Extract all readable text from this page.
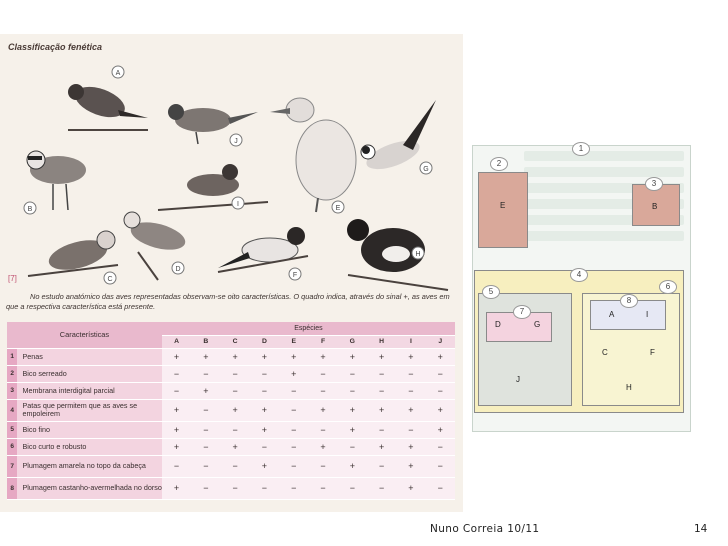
Classificação fenética
A
J
G
B
I
E
H
C
D
F
[7]
No estudo anatómico das aves representadas observam-se oito características. O quadro indica, através do sinal +, as aves em que a respectiva característica está presente.
Características		Espécies									
		A	B	C	D	E	F	G	H	I	J
1	Penas	+	+	+	+	+	+	+	+	+	+
2	Bico serreado	−	−	−	−	+	−	−	−	−	−
3	Membrana interdigital parcial	−	+	−	−	−	−	−	−	−	−
4	Patas que permitem que as aves se empoleirem	+	−	+	+	−	+	+	+	+	+
5	Bico fino	+	−	−	+	−	−	+	−	−	+
6	Bico curto e robusto	+	−	+	−	−	+	−	+	+	−
7	Plumagem amarela no topo da cabeça	−	−	−	+	−	−	+	−	+	−
8	Plumagem castanho-avermelhada no dorso	+	−	−	−	−	−	−	−	+	−
E	B
J
D	G
C	F
H
A	I
1
2
3
4
5
6
7
8
Nuno Correia 10/11	14
